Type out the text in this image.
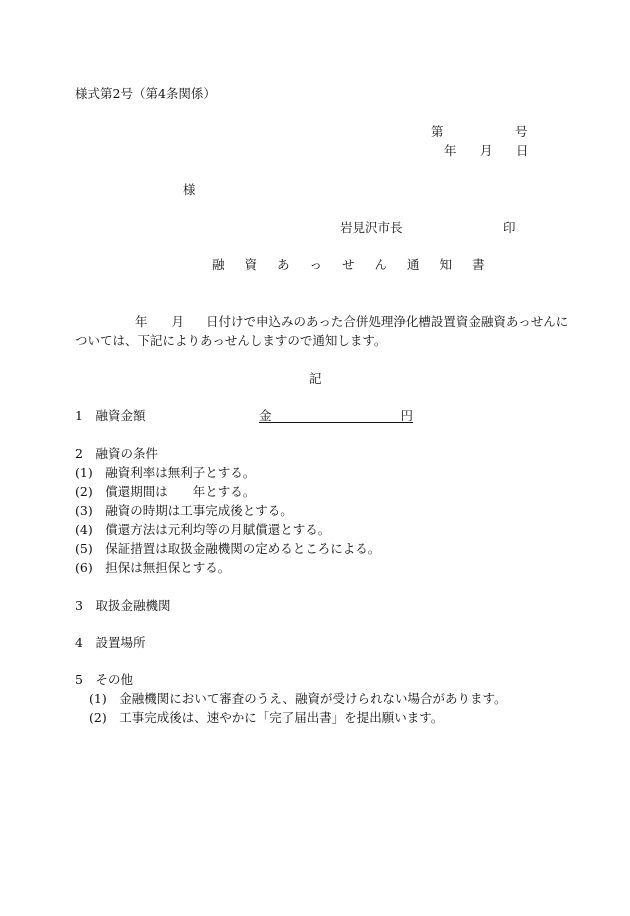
様式第2号（第4条関係）
第	号
年 月 日
様
岩見沢市長	印
融 資 あ っ せ ん 通 知 書
年 月 日付けで申込みのあった合併処理浄化槽設置資金融資あっせんに
ついては、下記によりあっせんしますので通知します。
記
1　融資金額	金	円
2　融資の条件
(1)　融資利率は無利子とする。
(2)　償還期間は　　年とする。
(3)　融資の時期は工事完成後とする。
(4)　償還方法は元利均等の月賦償還とする。
(5)　保証措置は取扱金融機関の定めるところによる。
(6)　担保は無担保とする。
3　取扱金融機関
4　設置場所
5　その他
(1)　金融機関において審査のうえ、融資が受けられない場合があります。
(2)　工事完成後は、速やかに「完了届出書」を提出願います。
